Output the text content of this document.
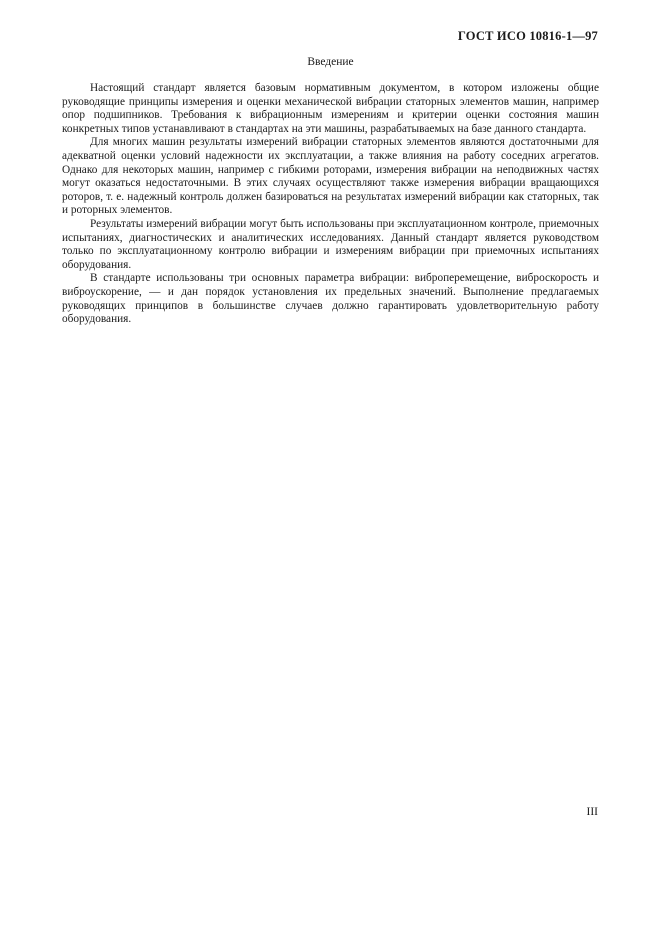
ГОСТ ИСО 10816-1—97
Введение

Настоящий стандарт является базовым нормативным документом, в котором изложены общие руководящие принципы измерения и оценки механической вибрации статорных элементов машин, например опор подшипников. Требования к вибрационным измерениям и критерии оценки состояния машин конкретных типов устанавливают в стандартах на эти машины, разрабатываемых на базе данного стандарта.

Для многих машин результаты измерений вибрации статорных элементов являются достаточными для адекватной оценки условий надежности их эксплуатации, а также влияния на работу соседних агрегатов. Однако для некоторых машин, например с гибкими роторами, измерения вибрации на неподвижных частях могут оказаться недостаточными. В этих случаях осуществляют также измерения вибрации вращающихся роторов, т. е. надежный контроль должен базироваться на результатах измерений вибрации как статорных, так и роторных элементов.

Результаты измерений вибрации могут быть использованы при эксплуатационном контроле, приемочных испытаниях, диагностических и аналитических исследованиях. Данный стандарт является руководством только по эксплуатационному контролю вибрации и измерениям вибрации при приемочных испытаниях оборудования.

В стандарте использованы три основных параметра вибрации: виброперемещение, виброскорость и виброускорение, — и дан порядок установления их предельных значений. Выполнение предлагаемых руководящих принципов в большинстве случаев должно гарантировать удовлетворительную работу оборудования.

III
